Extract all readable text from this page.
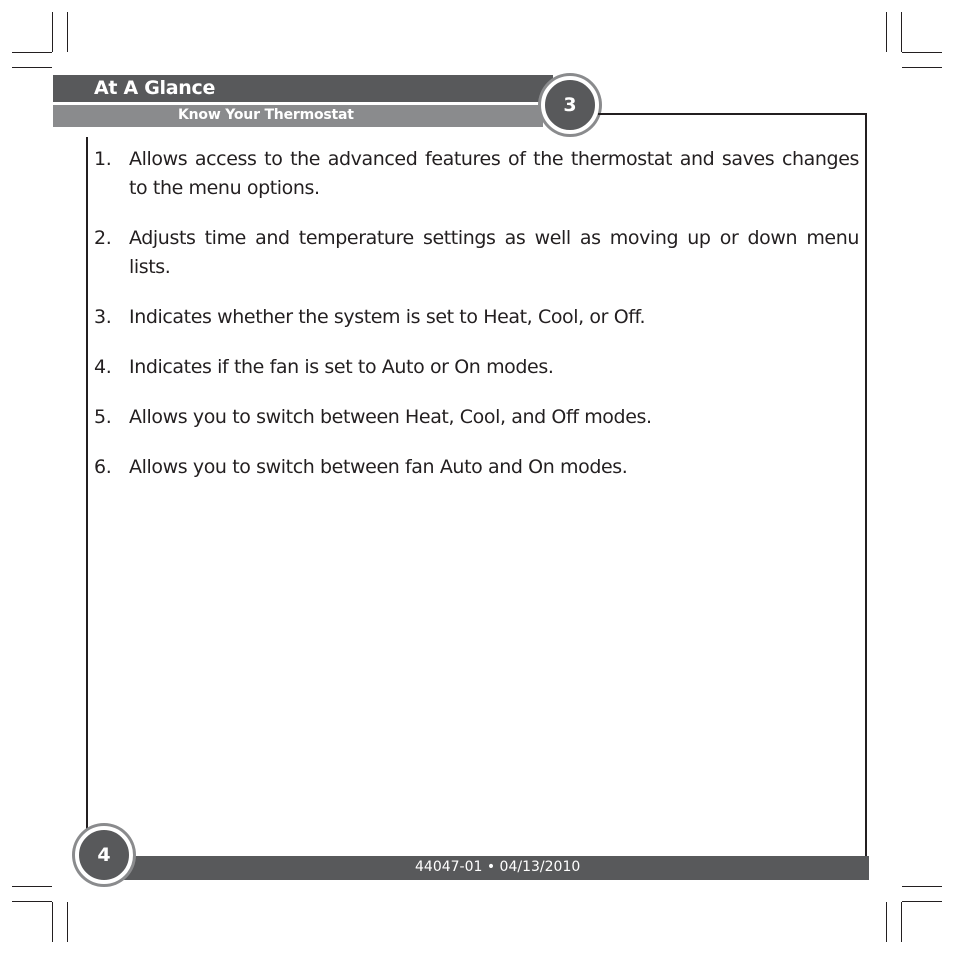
At A Glance
Know Your Thermostat	3
1. Allows access to the advanced features of the thermostat and saves changes to the menu options.
2. Adjusts time and temperature settings as well as moving up or down menu lists.
3. Indicates whether the system is set to Heat, Cool, or Off.
4. Indicates if the fan is set to Auto or On modes.
5. Allows you to switch between Heat, Cool, and Off modes.
6. Allows you to switch between fan Auto and On modes.
44047-01 • 04/13/2010
4
